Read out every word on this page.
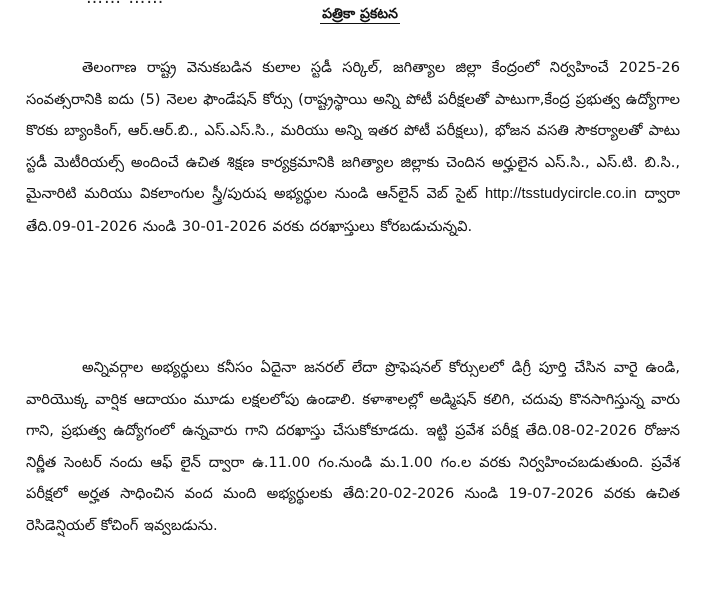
పత్రికా ప్రకటన

తెలంగాణ రాష్ట్ర వెనుకబడిన కులాల స్టడీ సర్కిల్, జగిత్యాల జిల్లా కేంద్రంలో నిర్వహించే 2025-26 సంవత్సరానికి ఐదు (5) నెలల ఫౌండేషన్ కోర్సు (రాష్ట్రస్థాయి అన్ని పోటీ పరీక్షలతో పాటుగా,కేంద్ర ప్రభుత్వ ఉద్యోగాల కొరకు బ్యాంకింగ్, ఆర్.ఆర్.బి., ఎస్.ఎస్.సి., మరియు అన్ని ఇతర పోటీ పరీక్షలు), భోజన వసతి సౌకర్యాలతో పాటు స్టడీ మెటీరియల్స్ అందించే ఉచిత శిక్షణ కార్యక్రమానికి జగిత్యాల జిల్లాకు చెందిన అర్హులైన ఎస్.సి., ఎస్.టి. బి.సి., మైనారిటి మరియు వికలాంగుల స్త్రీ/పురుష అభ్యర్థుల నుండి ఆన్‌లైన్ వెబ్ సైట్ http://tsstudycircle.co.in ద్వారా తేది.09-01-2026 నుండి 30-01-2026 వరకు దరఖాస్తులు కోరబడుచున్నవి.

అన్నివర్గాల అభ్యర్థులు కనీసం ఏదైనా జనరల్ లేదా ప్రొఫెషనల్ కోర్సులలో డిగ్రీ పూర్తి చేసిన వారై ఉండి, వారియొక్క వార్షిక ఆదాయం మూడు లక్షలలోపు ఉండాలి. కళాశాలల్లో అడ్మిషన్ కలిగి, చదువు కొనసాగిస్తున్న వారు గాని, ప్రభుత్వ ఉద్యోగంలో ఉన్నవారు గాని దరఖాస్తు చేసుకోకూడదు. ఇట్టి ప్రవేశ పరీక్ష తేది.08-02-2026 రోజున నిర్ణీత సెంటర్ నందు ఆఫ్ లైన్ ద్వారా ఉ.11.00 గం.నుండి మ.1.00 గం.ల వరకు నిర్వహించబడుతుంది. ప్రవేశ పరీక్షలో అర్హత సాధించిన వంద మంది అభ్యర్థులకు తేది:20-02-2026 నుండి 19-07-2026 వరకు ఉచిత రెసిడెన్షియల్ కోచింగ్ ఇవ్వబడును.
